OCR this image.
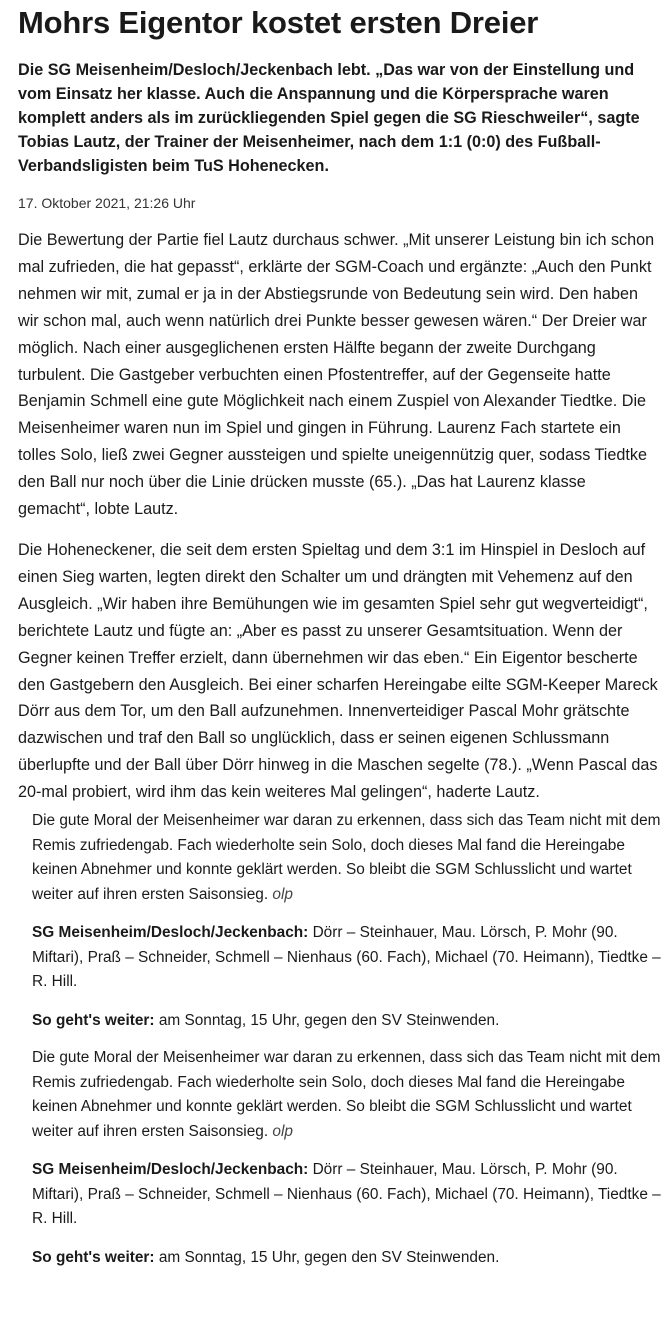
Mohrs Eigentor kostet ersten Dreier

Die SG Meisenheim/Desloch/Jeckenbach lebt. „Das war von der Einstellung und vom Einsatz her klasse. Auch die Anspannung und die Körpersprache waren komplett anders als im zurückliegenden Spiel gegen die SG Rieschweiler“, sagte Tobias Lautz, der Trainer der Meisenheimer, nach dem 1:1 (0:0) des Fußball-Verbandsligisten beim TuS Hohenecken.

17. Oktober 2021, 21:26 Uhr

Die Bewertung der Partie fiel Lautz durchaus schwer. „Mit unserer Leistung bin ich schon mal zufrieden, die hat gepasst“, erklärte der SGM-Coach und ergänzte: „Auch den Punkt nehmen wir mit, zumal er ja in der Abstiegsrunde von Bedeutung sein wird. Den haben wir schon mal, auch wenn natürlich drei Punkte besser gewesen wären.“ Der Dreier war möglich. Nach einer ausgeglichenen ersten Hälfte begann der zweite Durchgang turbulent. Die Gastgeber verbuchten einen Pfostentreffer, auf der Gegenseite hatte Benjamin Schmell eine gute Möglichkeit nach einem Zuspiel von Alexander Tiedtke. Die Meisenheimer waren nun im Spiel und gingen in Führung. Laurenz Fach startete ein tolles Solo, ließ zwei Gegner aussteigen und spielte uneigennützig quer, sodass Tiedtke den Ball nur noch über die Linie drücken musste (65.). „Das hat Laurenz klasse gemacht“, lobte Lautz.

Die Hoheneckener, die seit dem ersten Spieltag und dem 3:1 im Hinspiel in Desloch auf einen Sieg warten, legten direkt den Schalter um und drängten mit Vehemenz auf den Ausgleich. „Wir haben ihre Bemühungen wie im gesamten Spiel sehr gut wegverteidigt“, berichtete Lautz und fügte an: „Aber es passt zu unserer Gesamtsituation. Wenn der Gegner keinen Treffer erzielt, dann übernehmen wir das eben.“ Ein Eigentor bescherte den Gastgebern den Ausgleich. Bei einer scharfen Hereingabe eilte SGM-Keeper Mareck Dörr aus dem Tor, um den Ball aufzunehmen. Innenverteidiger Pascal Mohr grätschte dazwischen und traf den Ball so unglücklich, dass er seinen eigenen Schlussmann überlupfte und der Ball über Dörr hinweg in die Maschen segelte (78.). „Wenn Pascal das 20-mal probiert, wird ihm das kein weiteres Mal gelingen“, haderte Lautz.

Die gute Moral der Meisenheimer war daran zu erkennen, dass sich das Team nicht mit dem Remis zufriedengab. Fach wiederholte sein Solo, doch dieses Mal fand die Hereingabe keinen Abnehmer und konnte geklärt werden. So bleibt die SGM Schlusslicht und wartet weiter auf ihren ersten Saisonsieg. olp

SG Meisenheim/Desloch/Jeckenbach: Dörr – Steinhauer, Mau. Lörsch, P. Mohr (90. Miftari), Praß – Schneider, Schmell – Nienhaus (60. Fach), Michael (70. Heimann), Tiedtke – R. Hill.

So geht's weiter: am Sonntag, 15 Uhr, gegen den SV Steinwenden.

Die gute Moral der Meisenheimer war daran zu erkennen, dass sich das Team nicht mit dem Remis zufriedengab. Fach wiederholte sein Solo, doch dieses Mal fand die Hereingabe keinen Abnehmer und konnte geklärt werden. So bleibt die SGM Schlusslicht und wartet weiter auf ihren ersten Saisonsieg. olp

SG Meisenheim/Desloch/Jeckenbach: Dörr – Steinhauer, Mau. Lörsch, P. Mohr (90. Miftari), Praß – Schneider, Schmell – Nienhaus (60. Fach), Michael (70. Heimann), Tiedtke – R. Hill.

So geht's weiter: am Sonntag, 15 Uhr, gegen den SV Steinwenden.
